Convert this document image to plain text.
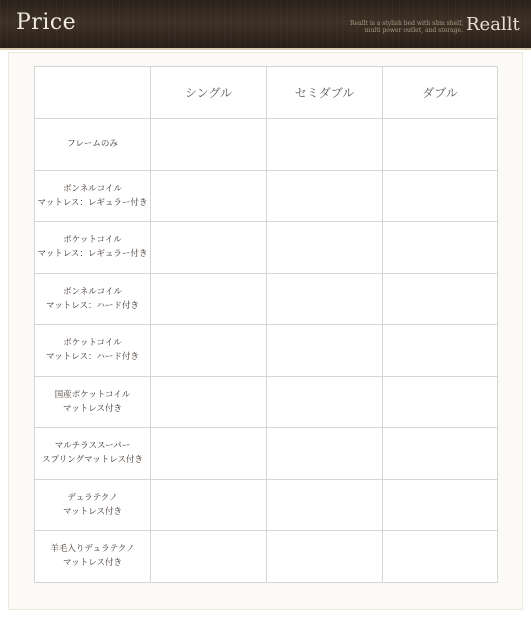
Price	Reallt is a stylish bed with slim shelf,
multi power outlet, and storage. Reallt
	シングル	セミダブル	ダブル

フレームのみ			

ボンネルコイル
マットレス：レギュラー付き			

ポケットコイル
マットレス：レギュラー付き			

ボンネルコイル
マットレス：ハード付き			

ポケットコイル
マットレス：ハード付き			

国産ポケットコイル
マットレス付き			

マルチラススーパー
スプリングマットレス付き			

デュラテクノ
マットレス付き			

羊毛入りデュラテクノ
マットレス付き			
